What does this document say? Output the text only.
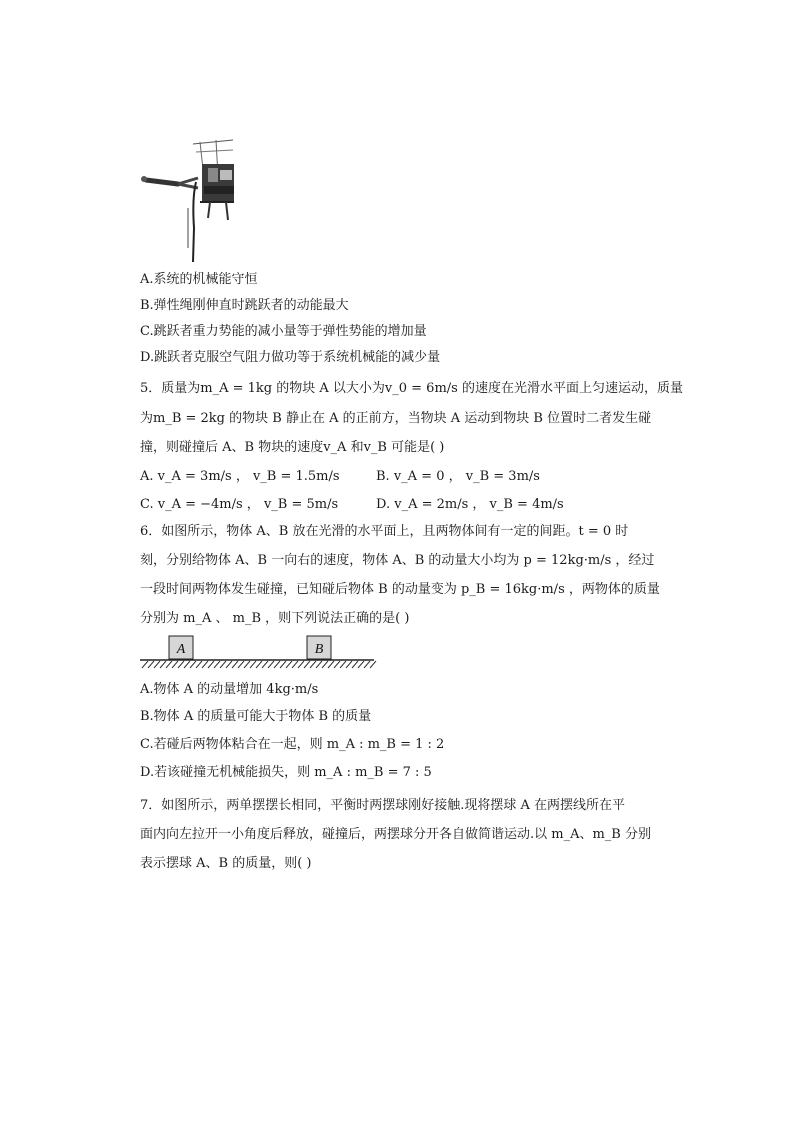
A.系统的机械能守恒
B.弹性绳刚伸直时跳跃者的动能最大
C.跳跃者重力势能的减小量等于弹性势能的增加量
D.跳跃者克服空气阻力做功等于系统机械能的减少量
5．质量为m_A = 1kg 的物块 A 以大小为v_0 = 6m/s 的速度在光滑水平面上匀速运动，质量
为m_B = 2kg 的物块 B 静止在 A 的正前方，当物块 A 运动到物块 B 位置时二者发生碰
撞，则碰撞后 A、B 物块的速度v_A 和v_B 可能是( )
A. v_A = 3m/s ， v_B = 1.5m/s	B. v_A = 0 ， v_B = 3m/s
C. v_A = −4m/s ， v_B = 5m/s	D. v_A = 2m/s ， v_B = 4m/s
6．如图所示，物体 A、B 放在光滑的水平面上，且两物体间有一定的间距。t = 0 时
刻，分别给物体 A、B 一向右的速度，物体 A、B 的动量大小均为 p = 12kg·m/s ，经过
一段时间两物体发生碰撞，已知碰后物体 B 的动量变为 p_B = 16kg·m/s ，两物体的质量
分别为 m_A 、 m_B ，则下列说法正确的是( )
A	B
A.物体 A 的动量增加 4kg·m/s
B.物体 A 的质量可能大于物体 B 的质量
C.若碰后两物体粘合在一起，则 m_A : m_B = 1 : 2
D.若该碰撞无机械能损失，则 m_A : m_B = 7 : 5
7．如图所示，两单摆摆长相同，平衡时两摆球刚好接触.现将摆球 A 在两摆线所在平
面内向左拉开一小角度后释放，碰撞后，两摆球分开各自做简谐运动.以 m_A、m_B 分别
表示摆球 A、B 的质量，则( )
